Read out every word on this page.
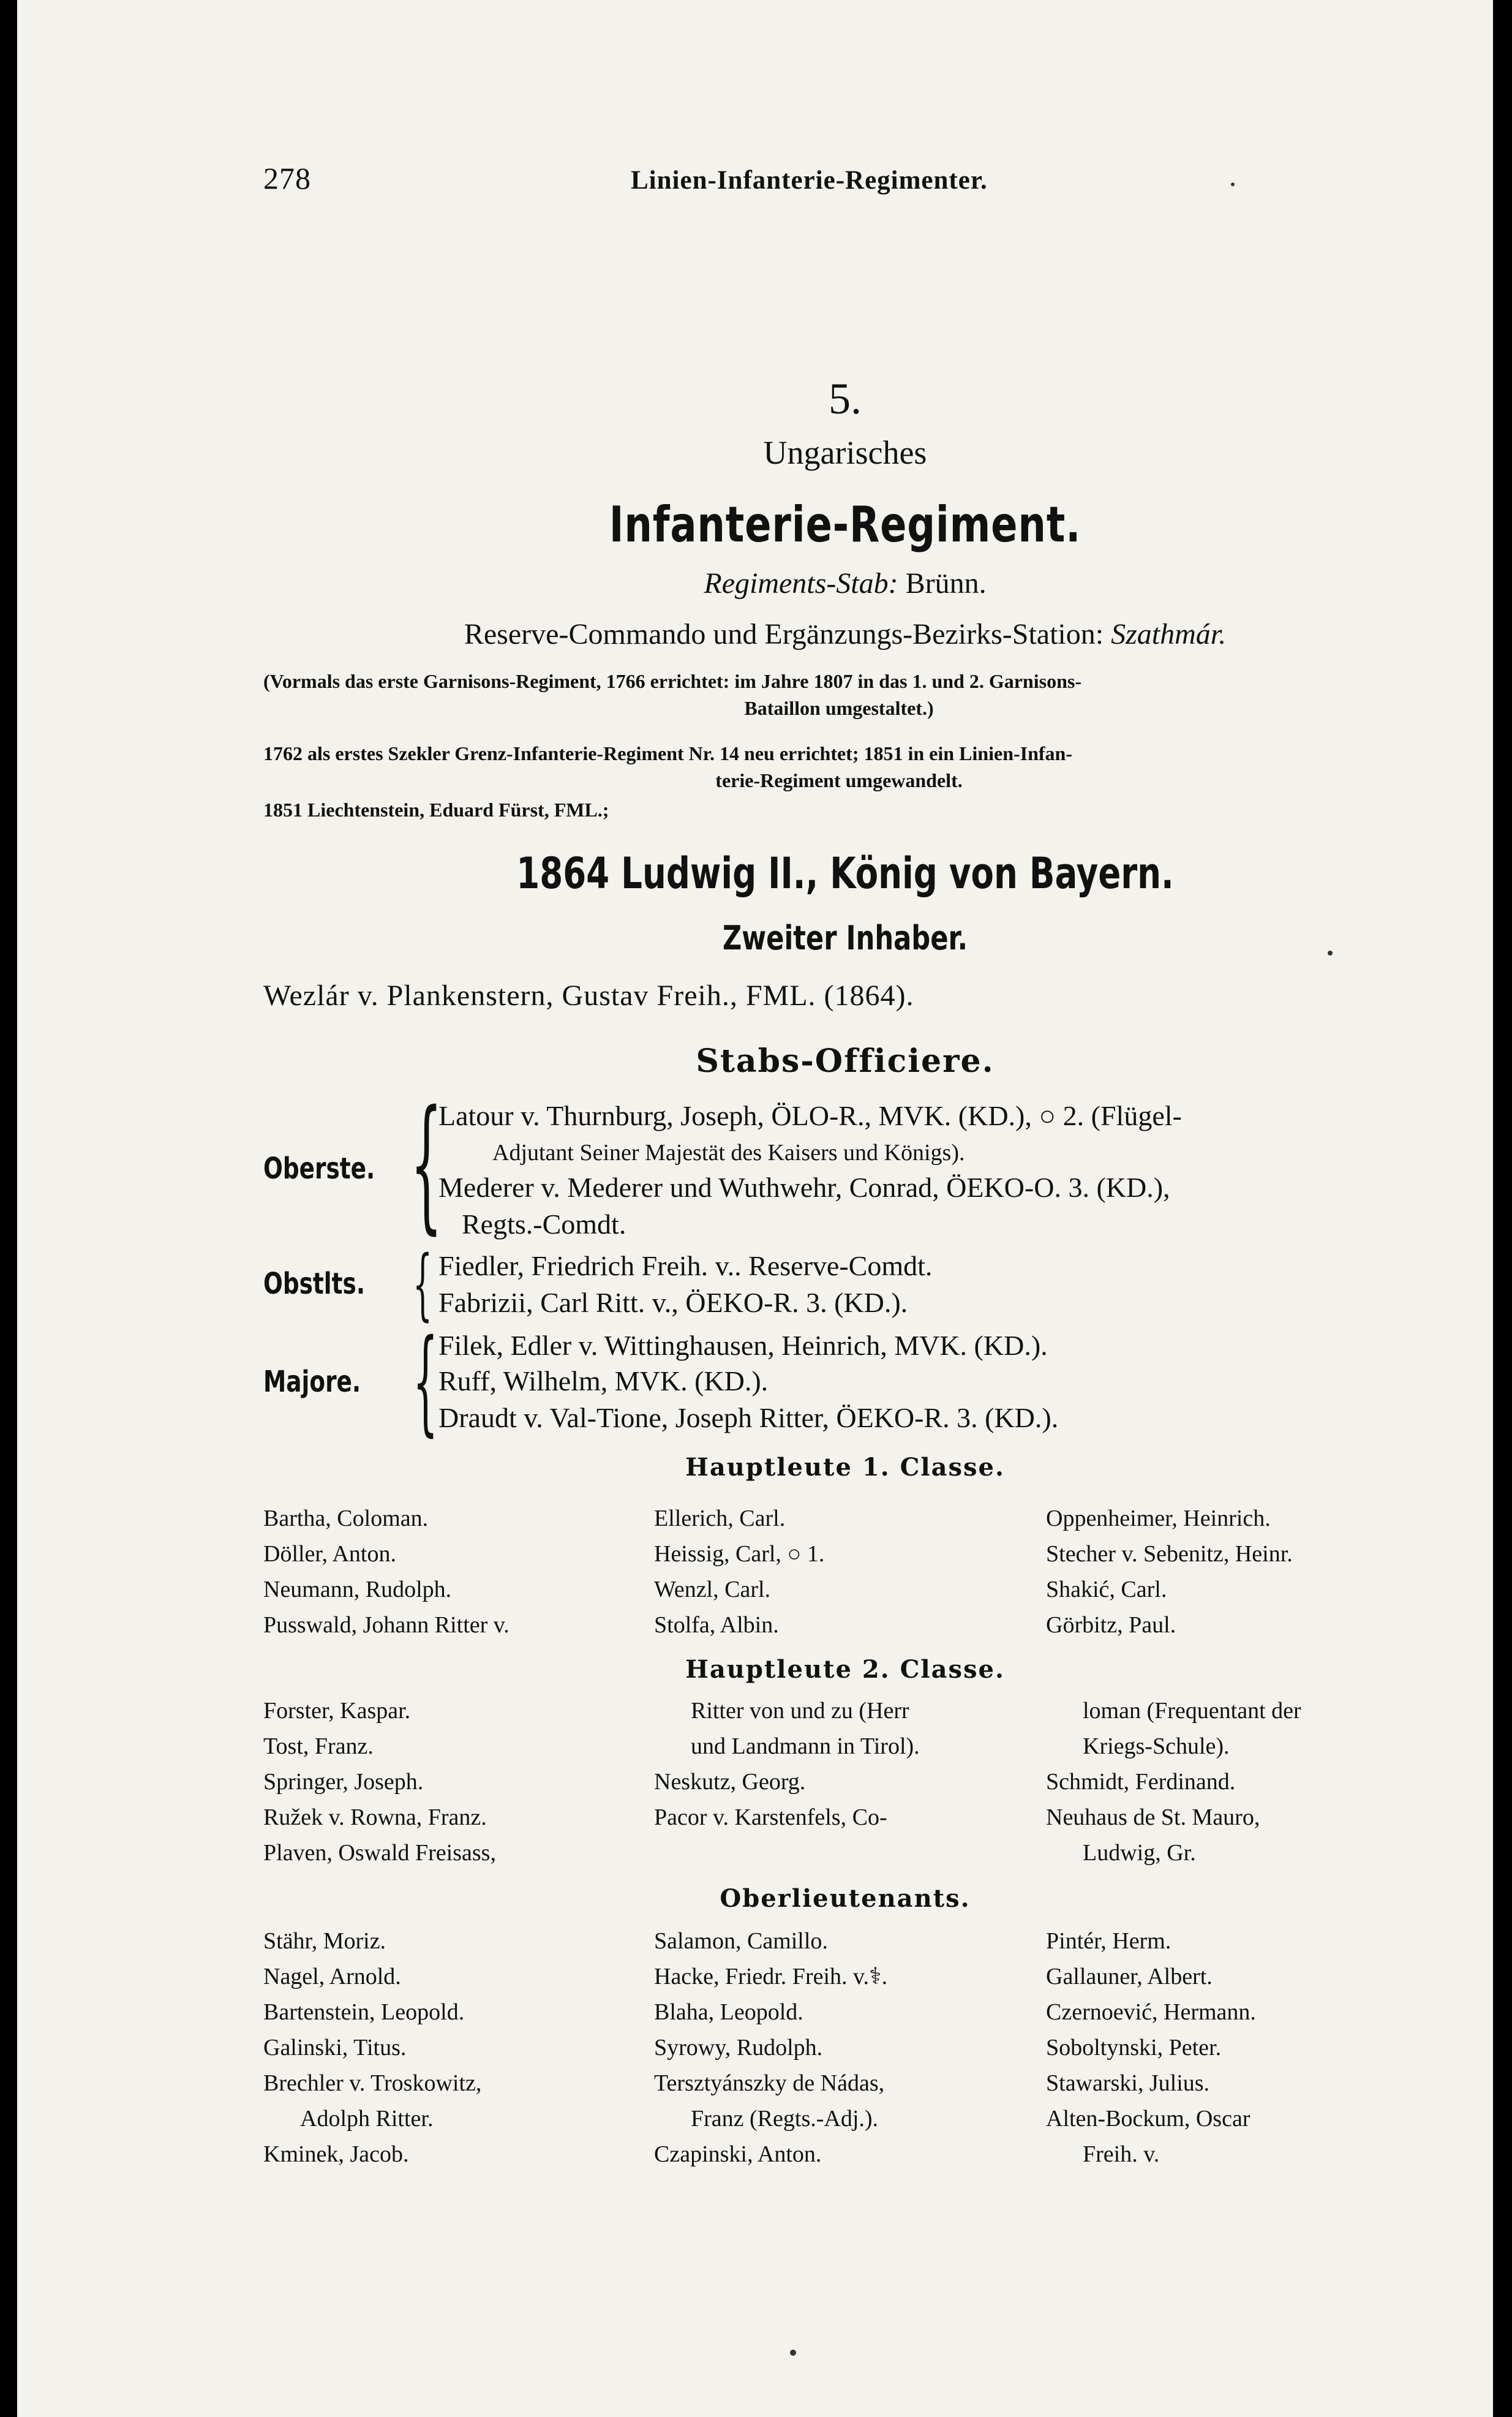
278	Linien-Infanterie-Regimenter.
5.
Ungarisches
Infanterie-Regiment.
Regiments-Stab: Brünn.
Reserve-Commando und Ergänzungs-Bezirks-Station: Szathmár.
(Vormals das erste Garnisons-Regiment, 1766 errichtet: im Jahre 1807 in das 1. und 2. Garnisons-
Bataillon umgestaltet.)
1762 als erstes Szekler Grenz-Infanterie-Regiment Nr. 14 neu errichtet; 1851 in ein Linien-Infan-
terie-Regiment umgewandelt.
1851 Liechtenstein, Eduard Fürst, FML.;
1864 Ludwig II., König von Bayern.
Zweiter Inhaber.
Wezlár v. Plankenstern, Gustav Freih., FML. (1864).
Stabs-Officiere.
Oberste. {
Latour v. Thurnburg, Joseph, ÖLO-R., MVK. (KD.), ○ 2. (Flügel-
Adjutant Seiner Majestät des Kaisers und Königs).
Mederer v. Mederer und Wuthwehr, Conrad, ÖEKO-O. 3. (KD.),
Regts.-Comdt.
Obstlts. { Fiedler, Friedrich Freih. v.. Reserve-Comdt.
Fabrizii, Carl Ritt. v., ÖEKO-R. 3. (KD.).
Majore. { Filek, Edler v. Wittinghausen, Heinrich, MVK. (KD.).
Ruff, Wilhelm, MVK. (KD.).
Draudt v. Val-Tione, Joseph Ritter, ÖEKO-R. 3. (KD.).
Hauptleute 1. Classe.
Bartha, Coloman.
Döller, Anton.
Neumann, Rudolph.
Pusswald, Johann Ritter v.
Ellerich, Carl.
Heissig, Carl, ○ 1.
Wenzl, Carl.
Stolfa, Albin.
Oppenheimer, Heinrich.
Stecher v. Sebenitz, Heinr.
Shakić, Carl.
Görbitz, Paul.
Hauptleute 2. Classe.
Forster, Kaspar.
Tost, Franz.
Springer, Joseph.
Ružek v. Rowna, Franz.
Plaven, Oswald Freisass,
Ritter von und zu (Herr
und Landmann in Tirol).
Neskutz, Georg.
Pacor v. Karstenfels, Co-
loman (Frequentant der
Kriegs-Schule).
Schmidt, Ferdinand.
Neuhaus de St. Mauro,
Ludwig, Gr.
Oberlieutenants.
Stähr, Moriz.
Nagel, Arnold.
Bartenstein, Leopold.
Galinski, Titus.
Brechler v. Troskowitz,
Adolph Ritter.
Kminek, Jacob.
Salamon, Camillo.
Hacke, Friedr. Freih. v.⚕.
Blaha, Leopold.
Syrowy, Rudolph.
Tersztyánszky de Nádas,
Franz (Regts.-Adj.).
Czapinski, Anton.
Pintér, Herm.
Gallauner, Albert.
Czernoević, Hermann.
Soboltynski, Peter.
Stawarski, Julius.
Alten-Bockum, Oscar
Freih. v.
